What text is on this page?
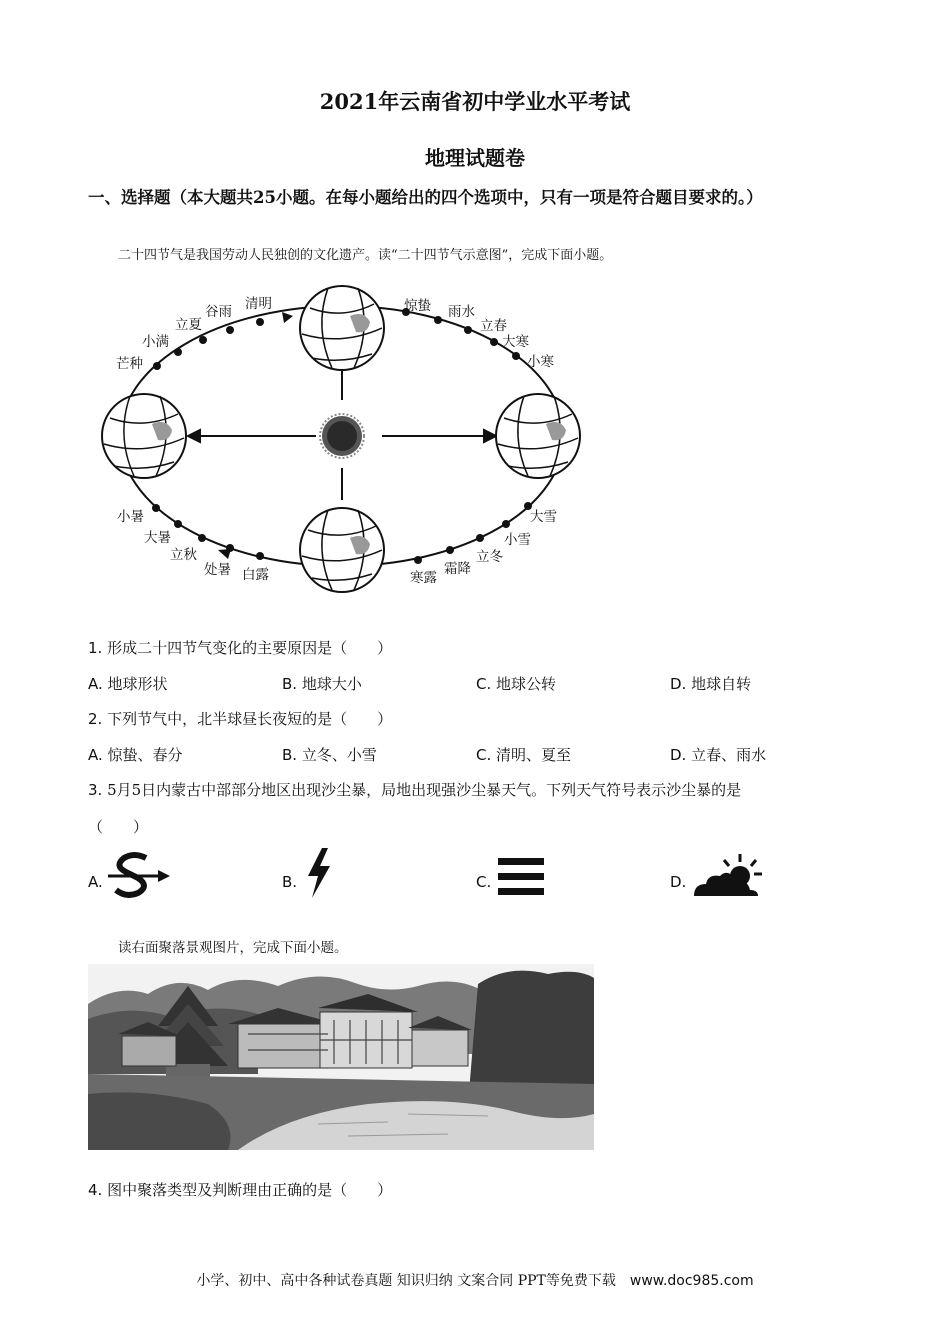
2021年云南省初中学业水平考试
地理试题卷
一、选择题（本大题共25小题。在每小题给出的四个选项中，只有一项是符合题目要求的。）
二十四节气是我国劳动人民独创的文化遗产。读“二十四节气示意图”，完成下面小题。
清明
谷雨
立夏
小满
芒种
惊蛰 雨水
立春
大寒
小寒
小暑
大暑
立秋
处暑 白露
大雪
小雪
立冬
霜降
寒露
1. 形成二十四节气变化的主要原因是（　　）
A. 地球形状	B. 地球大小	C. 地球公转	D. 地球自转
2. 下列节气中，北半球昼长夜短的是（　　）
A. 惊蛰、春分	B. 立冬、小雪	C. 清明、夏至	D. 立春、雨水
3. 5月5日内蒙古中部部分地区出现沙尘暴，局地出现强沙尘暴天气。下列天气符号表示沙尘暴的是
（　　）
A.	B.	C.	D.
读右面聚落景观图片，完成下面小题。
4. 图中聚落类型及判断理由正确的是（　　）
小学、初中、高中各种试卷真题 知识归纳 文案合同 PPT等免费下载 www.doc985.com
